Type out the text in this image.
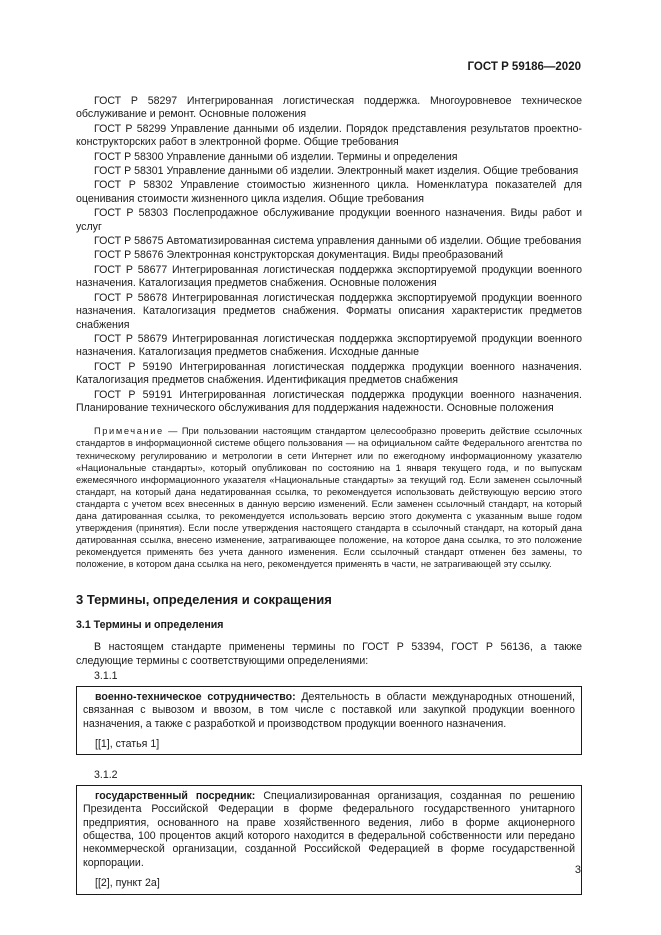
ГОСТ Р 59186—2020

ГОСТ Р 58297 Интегрированная логистическая поддержка. Многоуровневое техническое обслуживание и ремонт. Основные положения

ГОСТ Р 58299 Управление данными об изделии. Порядок представления результатов проектно-конструкторских работ в электронной форме. Общие требования

ГОСТ Р 58300 Управление данными об изделии. Термины и определения

ГОСТ Р 58301 Управление данными об изделии. Электронный макет изделия. Общие требования

ГОСТ Р 58302 Управление стоимостью жизненного цикла. Номенклатура показателей для оценивания стоимости жизненного цикла изделия. Общие требования

ГОСТ Р 58303 Послепродажное обслуживание продукции военного назначения. Виды работ и услуг

ГОСТ Р 58675 Автоматизированная система управления данными об изделии. Общие требования

ГОСТ Р 58676 Электронная конструкторская документация. Виды преобразований

ГОСТ Р 58677 Интегрированная логистическая поддержка экспортируемой продукции военного назначения. Каталогизация предметов снабжения. Основные положения

ГОСТ Р 58678 Интегрированная логистическая поддержка экспортируемой продукции военного назначения. Каталогизация предметов снабжения. Форматы описания характеристик предметов снабжения

ГОСТ Р 58679 Интегрированная логистическая поддержка экспортируемой продукции военного назначения. Каталогизация предметов снабжения. Исходные данные

ГОСТ Р 59190 Интегрированная логистическая поддержка продукции военного назначения. Каталогизация предметов снабжения. Идентификация предметов снабжения

ГОСТ Р 59191 Интегрированная логистическая поддержка продукции военного назначения. Планирование технического обслуживания для поддержания надежности. Основные положения

Примечание — При пользовании настоящим стандартом целесообразно проверить действие ссылочных стандартов в информационной системе общего пользования — на официальном сайте Федерального агентства по техническому регулированию и метрологии в сети Интернет или по ежегодному информационному указателю «Национальные стандарты», который опубликован по состоянию на 1 января текущего года, и по выпускам ежемесячного информационного указателя «Национальные стандарты» за текущий год. Если заменен ссылочный стандарт, на который дана недатированная ссылка, то рекомендуется использовать действующую версию этого стандарта с учетом всех внесенных в данную версию изменений. Если заменен ссылочный стандарт, на который дана датированная ссылка, то рекомендуется использовать версию этого документа с указанным выше годом утверждения (принятия). Если после утверждения настоящего стандарта в ссылочный стандарт, на который дана датированная ссылка, внесено изменение, затрагивающее положение, на которое дана ссылка, то это положение рекомендуется применять без учета данного изменения. Если ссылочный стандарт отменен без замены, то положение, в котором дана ссылка на него, рекомендуется применять в части, не затрагивающей эту ссылку.

3 Термины, определения и сокращения
3.1 Термины и определения

В настоящем стандарте применены термины по ГОСТ Р 53394, ГОСТ Р 56136, а также следующие термины с соответствующими определениями:

3.1.1

военно-техническое сотрудничество: Деятельность в области международных отношений, связанная с вывозом и ввозом, в том числе с поставкой или закупкой продукции военного назначения, а также с разработкой и производством продукции военного назначения.

[[1], статья 1]
3.1.2

государственный посредник: Специализированная организация, созданная по решению Президента Российской Федерации в форме федерального государственного унитарного предприятия, основанного на праве хозяйственного ведения, либо в форме акционерного общества, 100 процентов акций которого находится в федеральной собственности или передано некоммерческой организации, созданной Российской Федерацией в форме государственной корпорации.

[[2], пункт 2а]
3
